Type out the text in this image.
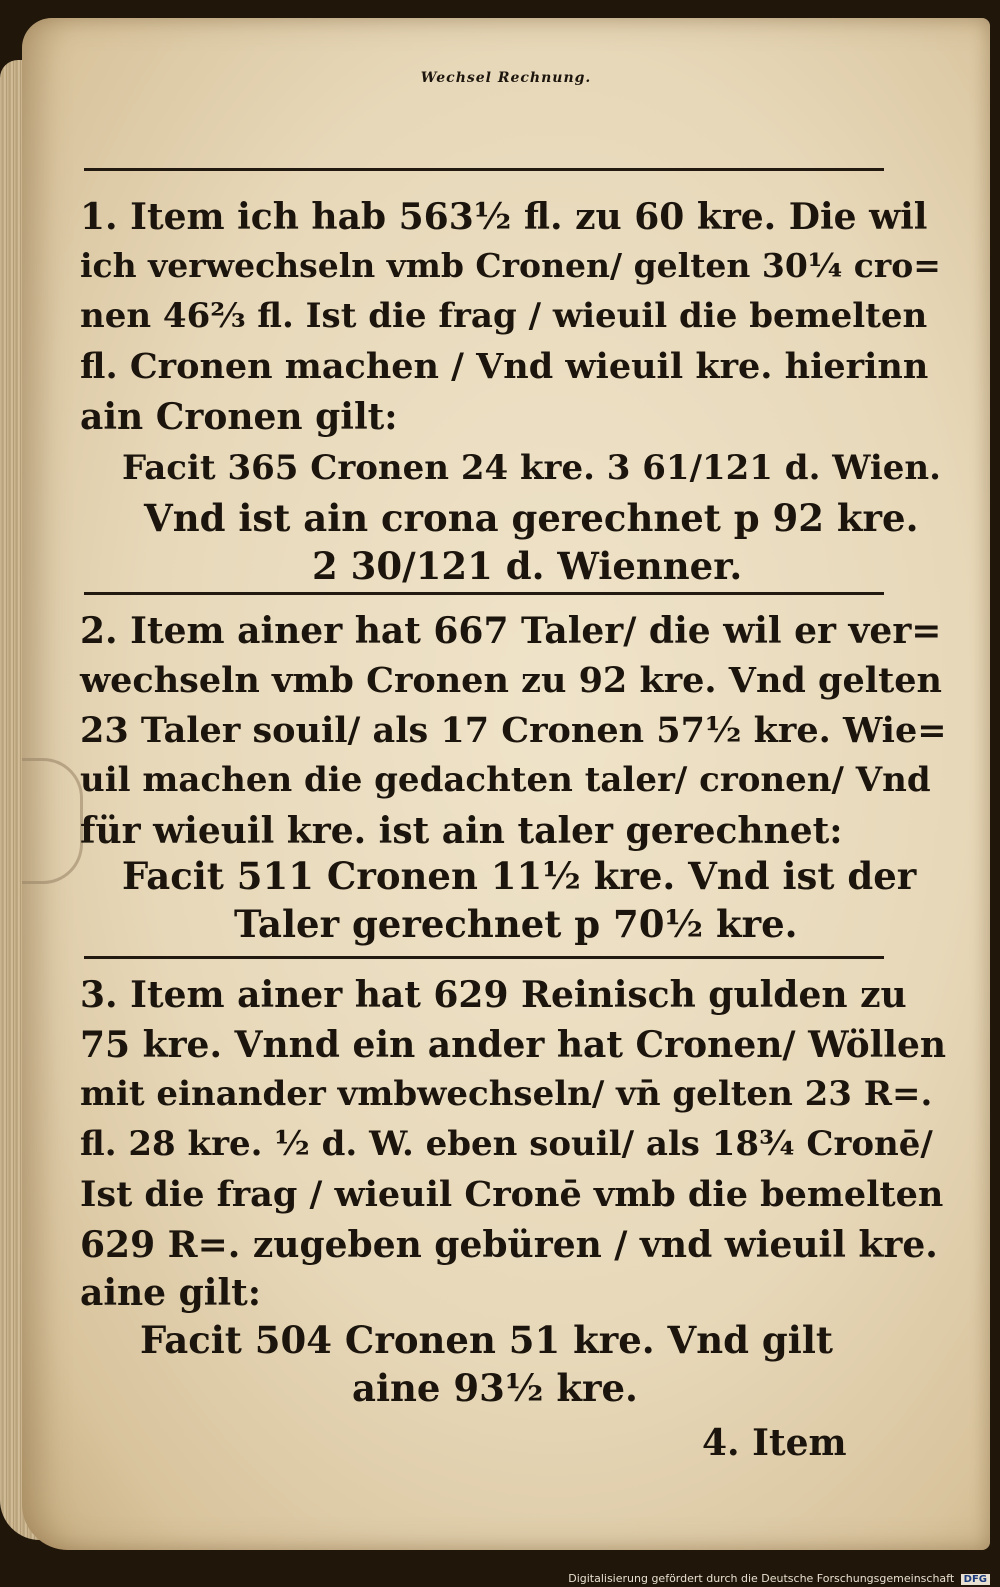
Wechsel Rechnung.
1. Item ich hab 563½ fl. zu 60 kre. Die wil
ich verwechseln vmb Cronen/ gelten 30¼ cro=
nen 46⅔ fl. Ist die frag / wieuil die bemelten
fl. Cronen machen / Vnd wieuil kre. hierinn
ain Cronen gilt:
Facit 365 Cronen 24 kre. 3 61/121 d. Wien.
Vnd ist ain crona gerechnet p 92 kre.
2 30/121 d. Wienner.
2. Item ainer hat 667 Taler/ die wil er ver=
wechseln vmb Cronen zu 92 kre. Vnd gelten
23 Taler souil/ als 17 Cronen 57½ kre. Wie=
uil machen die gedachten taler/ cronen/ Vnd
für wieuil kre. ist ain taler gerechnet:
Facit 511 Cronen 11½ kre. Vnd ist der
Taler gerechnet p 70½ kre.
3. Item ainer hat 629 Reinisch gulden zu
75 kre. Vnnd ein ander hat Cronen/ Wöllen
mit einander vmbwechseln/ vn̄ gelten 23 R=.
fl. 28 kre. ½ d. W. eben souil/ als 18¾ Cronē/
Ist die frag / wieuil Cronē vmb die bemelten
629 R=. zugeben gebüren / vnd wieuil kre.
aine gilt:
Facit 504 Cronen 51 kre. Vnd gilt
aine 93½ kre.
4. Item
Digitalisierung gefördert durch die Deutsche Forschungsgemeinschaft DFG
